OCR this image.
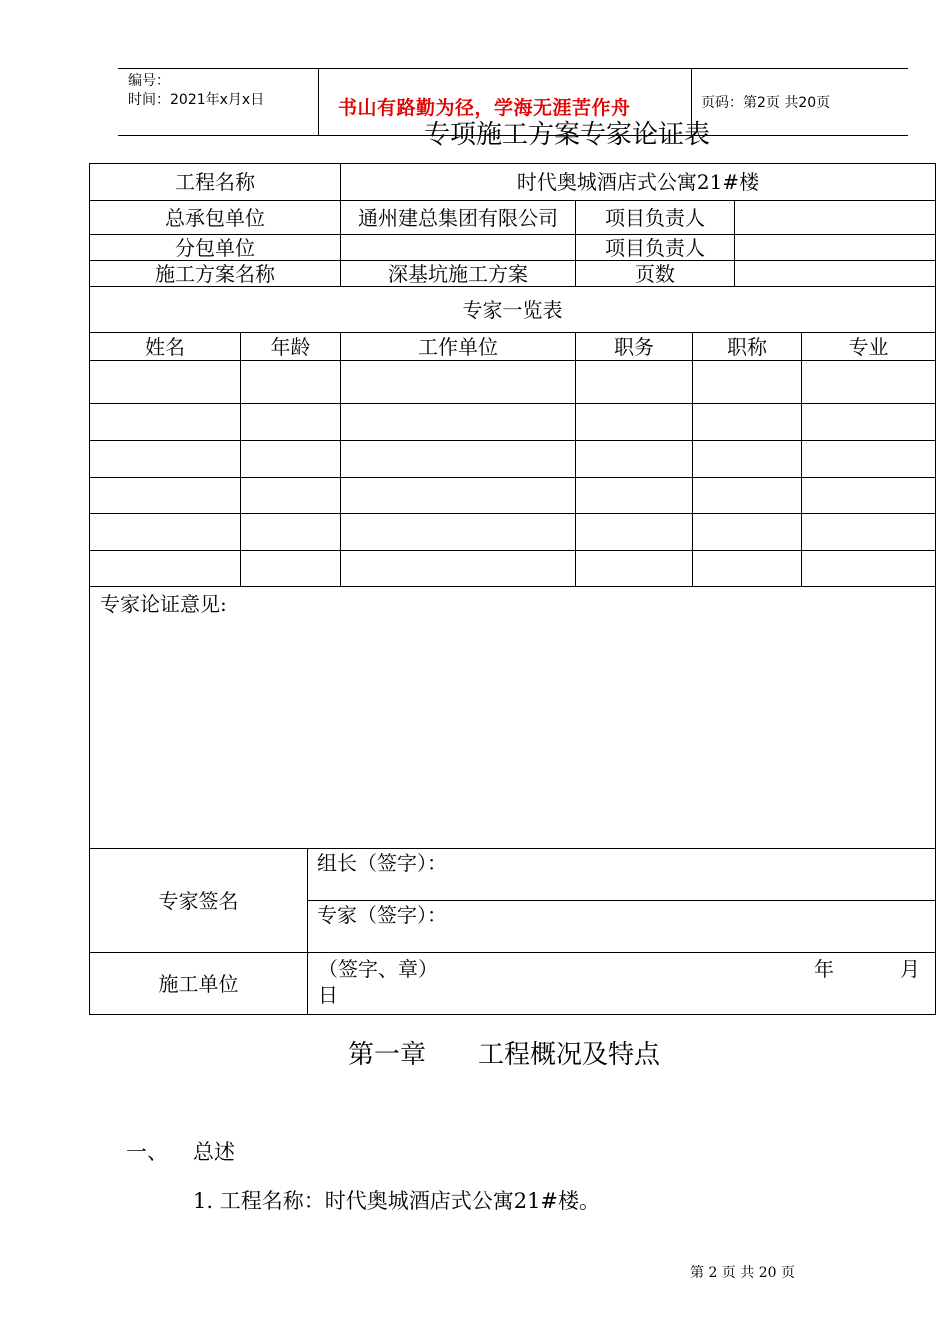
编号：
时间：2021年x月x日	书山有路勤为径，学海无涯苦作舟	页码：第2页 共20页
专项施工方案专家论证表
工程名称			时代奥城酒店式公寓21#楼				
总承包单位			通州建总集团有限公司	项目负责人			
分包单位				项目负责人			
施工方案名称			深基坑施工方案	页数			
专家一览表							
姓名	年龄		工作单位	职务	职称		专业

专家论证意见:							
专家签名		组长（签字）：					
		专家（签字）：					
施工单位		（签字、章） 年 月
日					
第一章 工程概况及特点
一、 总述
1. 工程名称：时代奥城酒店式公寓21#楼。
第 2 页 共 20 页
